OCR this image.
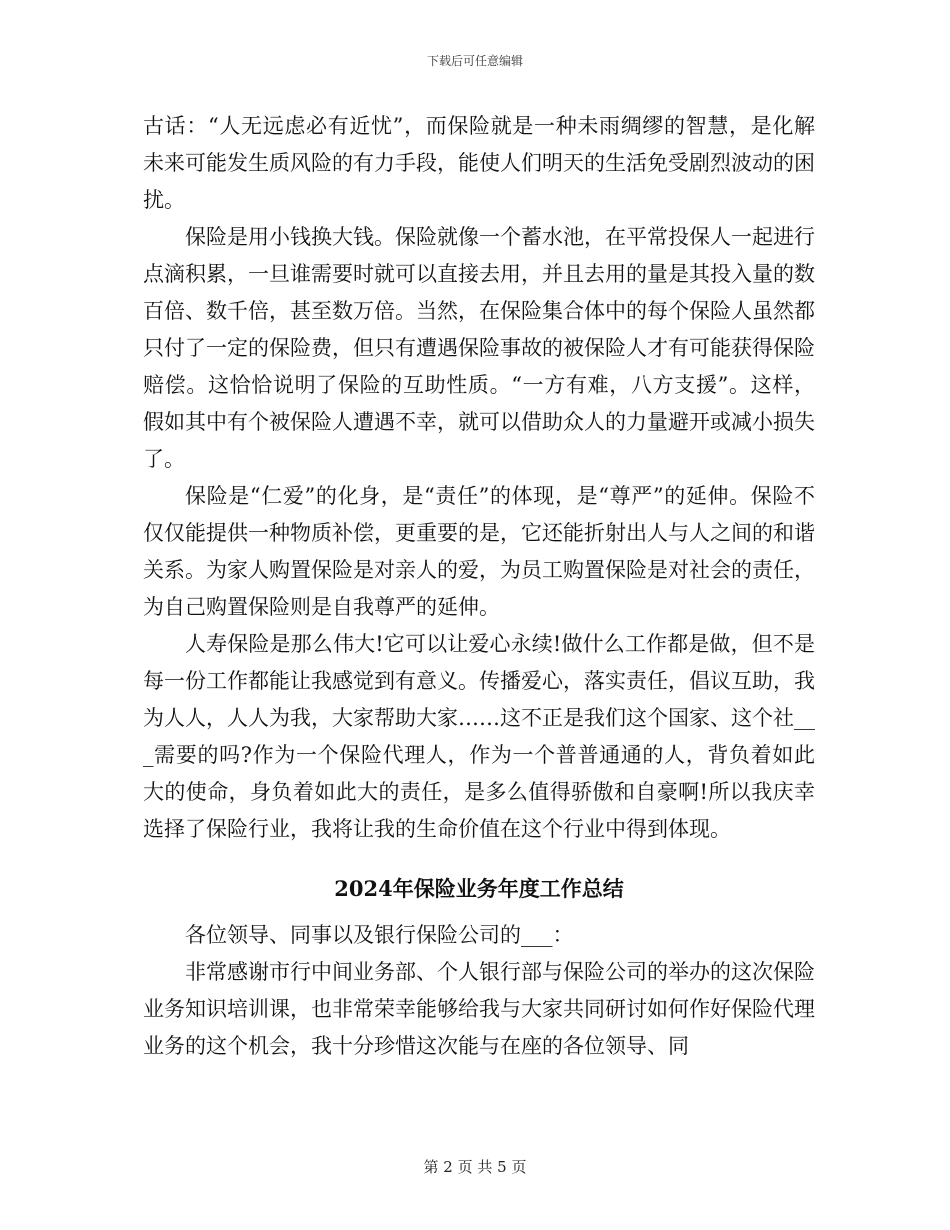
下载后可任意编辑

古话：“人无远虑必有近忧”，而保险就是一种未雨绸缪的智慧，是化解未来可能发生质风险的有力手段，能使人们明天的生活免受剧烈波动的困扰。

保险是用小钱换大钱。保险就像一个蓄水池，在平常投保人一起进行点滴积累，一旦谁需要时就可以直接去用，并且去用的量是其投入量的数百倍、数千倍，甚至数万倍。当然，在保险集合体中的每个保险人虽然都只付了一定的保险费，但只有遭遇保险事故的被保险人才有可能获得保险赔偿。这恰恰说明了保险的互助性质。“一方有难，八方支援”。这样，假如其中有个被保险人遭遇不幸，就可以借助众人的力量避开或减小损失了。

保险是“仁爱”的化身，是“责任”的体现，是“尊严”的延伸。保险不仅仅能提供一种物质补偿，更重要的是，它还能折射出人与人之间的和谐关系。为家人购置保险是对亲人的爱，为员工购置保险是对社会的责任，为自己购置保险则是自我尊严的延伸。

人寿保险是那么伟大!它可以让爱心永续!做什么工作都是做，但不是每一份工作都能让我感觉到有意义。传播爱心，落实责任，倡议互助，我为人人，人人为我，大家帮助大家……这不正是我们这个国家、这个社___需要的吗?作为一个保险代理人，作为一个普普通通的人，背负着如此大的使命，身负着如此大的责任，是多么值得骄傲和自豪啊!所以我庆幸选择了保险行业，我将让我的生命价值在这个行业中得到体现。

2024年保险业务年度工作总结

各位领导、同事以及银行保险公司的___：

非常感谢市行中间业务部、个人银行部与保险公司的举办的这次保险业务知识培训课，也非常荣幸能够给我与大家共同研讨如何作好保险代理业务的这个机会，我十分珍惜这次能与在座的各位领导、同

第 2 页 共 5 页
